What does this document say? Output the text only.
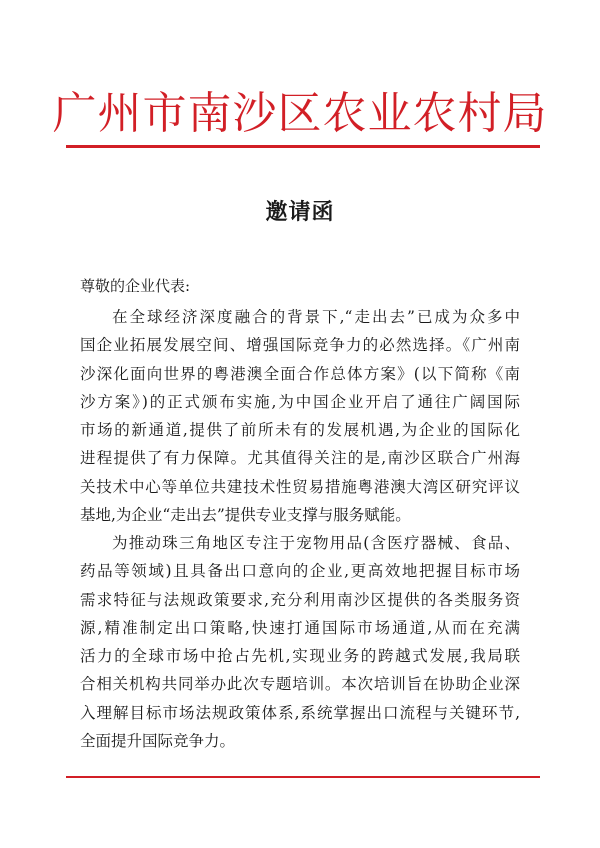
广州市南沙区农业农村局
邀请函
尊敬的企业代表:
在全球经济深度融合的背景下,“走出去”已成为众多中
国企业拓展发展空间、增强国际竞争力的必然选择。《广州南
沙深化面向世界的粤港澳全面合作总体方案》(以下简称《南
沙方案》)的正式颁布实施,为中国企业开启了通往广阔国际
市场的新通道,提供了前所未有的发展机遇,为企业的国际化
进程提供了有力保障。尤其值得关注的是,南沙区联合广州海
关技术中心等单位共建技术性贸易措施粤港澳大湾区研究评议
基地,为企业“走出去”提供专业支撑与服务赋能。
为推动珠三角地区专注于宠物用品(含医疗器械、食品、
药品等领域)且具备出口意向的企业,更高效地把握目标市场
需求特征与法规政策要求,充分利用南沙区提供的各类服务资
源,精准制定出口策略,快速打通国际市场通道,从而在充满
活力的全球市场中抢占先机,实现业务的跨越式发展,我局联
合相关机构共同举办此次专题培训。本次培训旨在协助企业深
入理解目标市场法规政策体系,系统掌握出口流程与关键环节,
全面提升国际竞争力。
